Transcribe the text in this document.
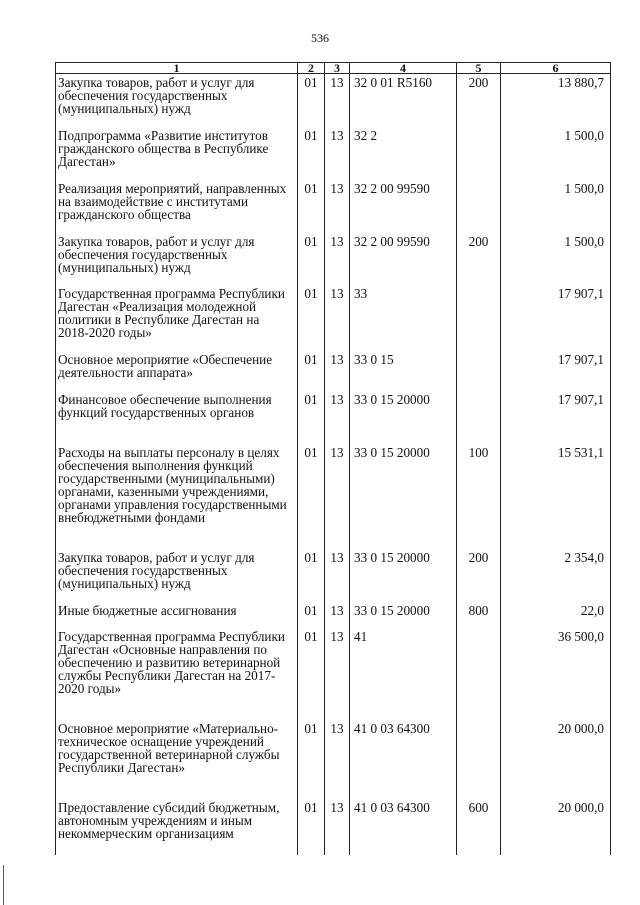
536
1	2	3	4	5	6
Закупка товаров, работ и услуг для обеспечения государственных (муниципальных) нужд	01	13	32 0 01 R5160	200	13 880,7
Подпрограмма «Развитие институтов гражданского общества в Республике Дагестан»	01	13	32 2		1 500,0
Реализация мероприятий, направленных на взаимодействие с институтами гражданского общества	01	13	32 2 00 99590		1 500,0
Закупка товаров, работ и услуг для обеспечения государственных (муниципальных) нужд	01	13	32 2 00 99590	200	1 500,0
Государственная программа Республики Дагестан «Реализация молодежной политики в Республике Дагестан на 2018-2020 годы»	01	13	33		17 907,1
Основное мероприятие «Обеспечение деятельности аппарата»	01	13	33 0 15		17 907,1
Финансовое обеспечение выполнения функций государственных органов	01	13	33 0 15 20000		17 907,1
Расходы на выплаты персоналу в целях обеспечения выполнения функций государственными (муниципальными) органами, казенными учреждениями, органами управления государственными внебюджетными фондами	01	13	33 0 15 20000	100	15 531,1
Закупка товаров, работ и услуг для обеспечения государственных (муниципальных) нужд	01	13	33 0 15 20000	200	2 354,0
Иные бюджетные ассигнования	01	13	33 0 15 20000	800	22,0
Государственная программа Республики Дагестан «Основные направления по обеспечению и развитию ветеринарной службы Республики Дагестан на 2017-2020 годы»	01	13	41		36 500,0
Основное мероприятие «Материально-техническое оснащение учреждений государственной ветеринарной службы Республики Дагестан»	01	13	41 0 03 64300		20 000,0
Предоставление субсидий бюджетным, автономным учреждениям и иным некоммерческим организациям	01	13	41 0 03 64300	600	20 000,0
